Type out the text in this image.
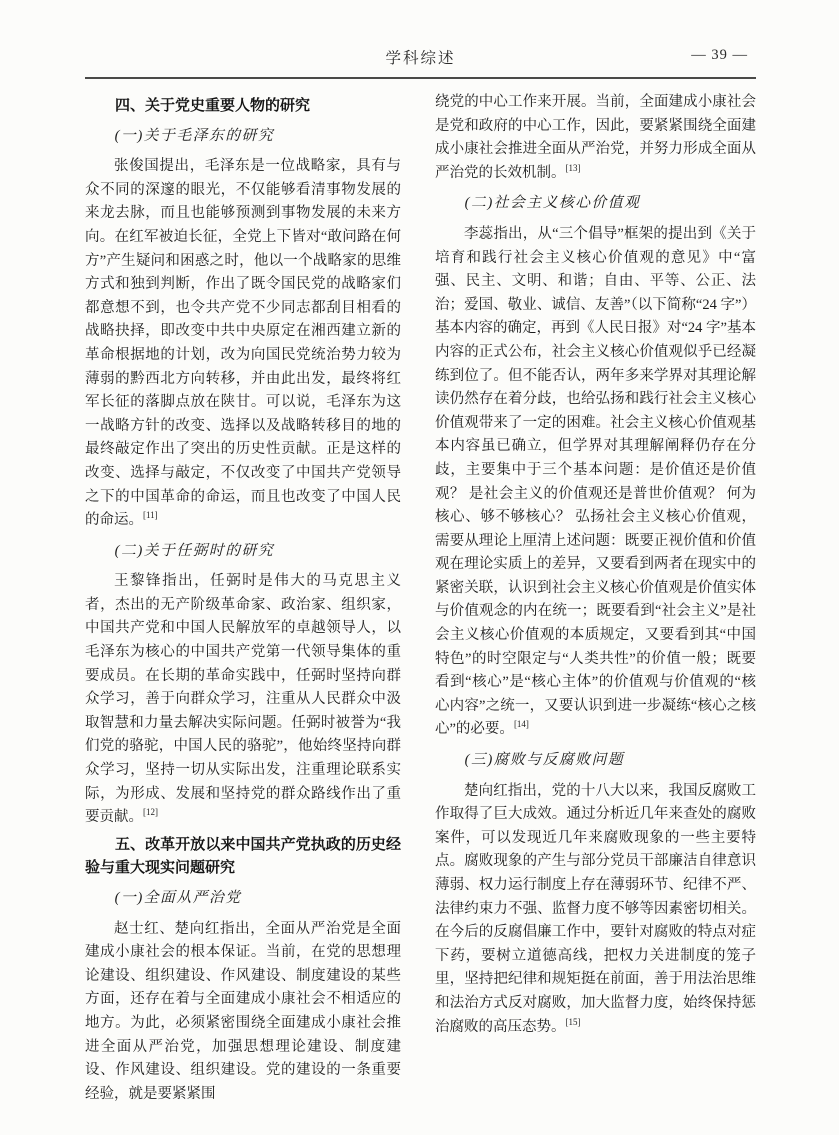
学科综述	— 39 —
四、关于党史重要人物的研究
(一)关于毛泽东的研究

张俊国提出，毛泽东是一位战略家，具有与众不同的深邃的眼光，不仅能够看清事物发展的来龙去脉，而且也能够预测到事物发展的未来方向。在红军被迫长征，全党上下皆对“敢问路在何方”产生疑问和困惑之时，他以一个战略家的思维方式和独到判断，作出了既令国民党的战略家们都意想不到，也令共产党不少同志都刮目相看的战略抉择，即改变中共中央原定在湘西建立新的革命根据地的计划，改为向国民党统治势力较为薄弱的黔西北方向转移，并由此出发，最终将红军长征的落脚点放在陕甘。可以说，毛泽东为这一战略方针的改变、选择以及战略转移目的地的最终敲定作出了突出的历史性贡献。正是这样的改变、选择与敲定，不仅改变了中国共产党领导之下的中国革命的命运，而且也改变了中国人民的命运。[11]

(二)关于任弼时的研究

王黎锋指出，任弼时是伟大的马克思主义者，杰出的无产阶级革命家、政治家、组织家，中国共产党和中国人民解放军的卓越领导人，以毛泽东为核心的中国共产党第一代领导集体的重要成员。在长期的革命实践中，任弼时坚持向群众学习，善于向群众学习，注重从人民群众中汲取智慧和力量去解决实际问题。任弼时被誉为“我们党的骆驼，中国人民的骆驼”，他始终坚持向群众学习，坚持一切从实际出发，注重理论联系实际，为形成、发展和坚持党的群众路线作出了重要贡献。[12]

五、改革开放以来中国共产党执政的历史经验与重大现实问题研究
(一)全面从严治党

赵士红、楚向红指出，全面从严治党是全面建成小康社会的根本保证。当前，在党的思想理论建设、组织建设、作风建设、制度建设的某些方面，还存在着与全面建成小康社会不相适应的地方。为此，必须紧密围绕全面建成小康社会推进全面从严治党，加强思想理论建设、制度建设、作风建设、组织建设。党的建设的一条重要经验，就是要紧紧围

绕党的中心工作来开展。当前，全面建成小康社会是党和政府的中心工作，因此，要紧紧围绕全面建成小康社会推进全面从严治党，并努力形成全面从严治党的长效机制。[13]

(二)社会主义核心价值观

李蕊指出，从“三个倡导”框架的提出到《关于培育和践行社会主义核心价值观的意见》中“富强、民主、文明、和谐；自由、平等、公正、法治；爱国、敬业、诚信、友善”（以下简称“24 字”）基本内容的确定，再到《人民日报》对“24 字”基本内容的正式公布，社会主义核心价值观似乎已经凝练到位了。但不能否认，两年多来学界对其理论解读仍然存在着分歧，也给弘扬和践行社会主义核心价值观带来了一定的困难。社会主义核心价值观基本内容虽已确立，但学界对其理解阐释仍存在分歧，主要集中于三个基本问题：是价值还是价值观？ 是社会主义的价值观还是普世价值观？ 何为核心、够不够核心？ 弘扬社会主义核心价值观，需要从理论上厘清上述问题：既要正视价值和价值观在理论实质上的差异，又要看到两者在现实中的紧密关联，认识到社会主义核心价值观是价值实体与价值观念的内在统一；既要看到“社会主义”是社会主义核心价值观的本质规定，又要看到其“中国特色”的时空限定与“人类共性”的价值一般；既要看到“核心”是“核心主体”的价值观与价值观的“核心内容”之统一，又要认识到进一步凝练“核心之核心”的必要。[14]

(三)腐败与反腐败问题

楚向红指出，党的十八大以来，我国反腐败工作取得了巨大成效。通过分析近几年来查处的腐败案件，可以发现近几年来腐败现象的一些主要特点。腐败现象的产生与部分党员干部廉洁自律意识薄弱、权力运行制度上存在薄弱环节、纪律不严、法律约束力不强、监督力度不够等因素密切相关。在今后的反腐倡廉工作中，要针对腐败的特点对症下药，要树立道德高线，把权力关进制度的笼子里，坚持把纪律和规矩挺在前面，善于用法治思维和法治方式反对腐败，加大监督力度，始终保持惩治腐败的高压态势。[15]
